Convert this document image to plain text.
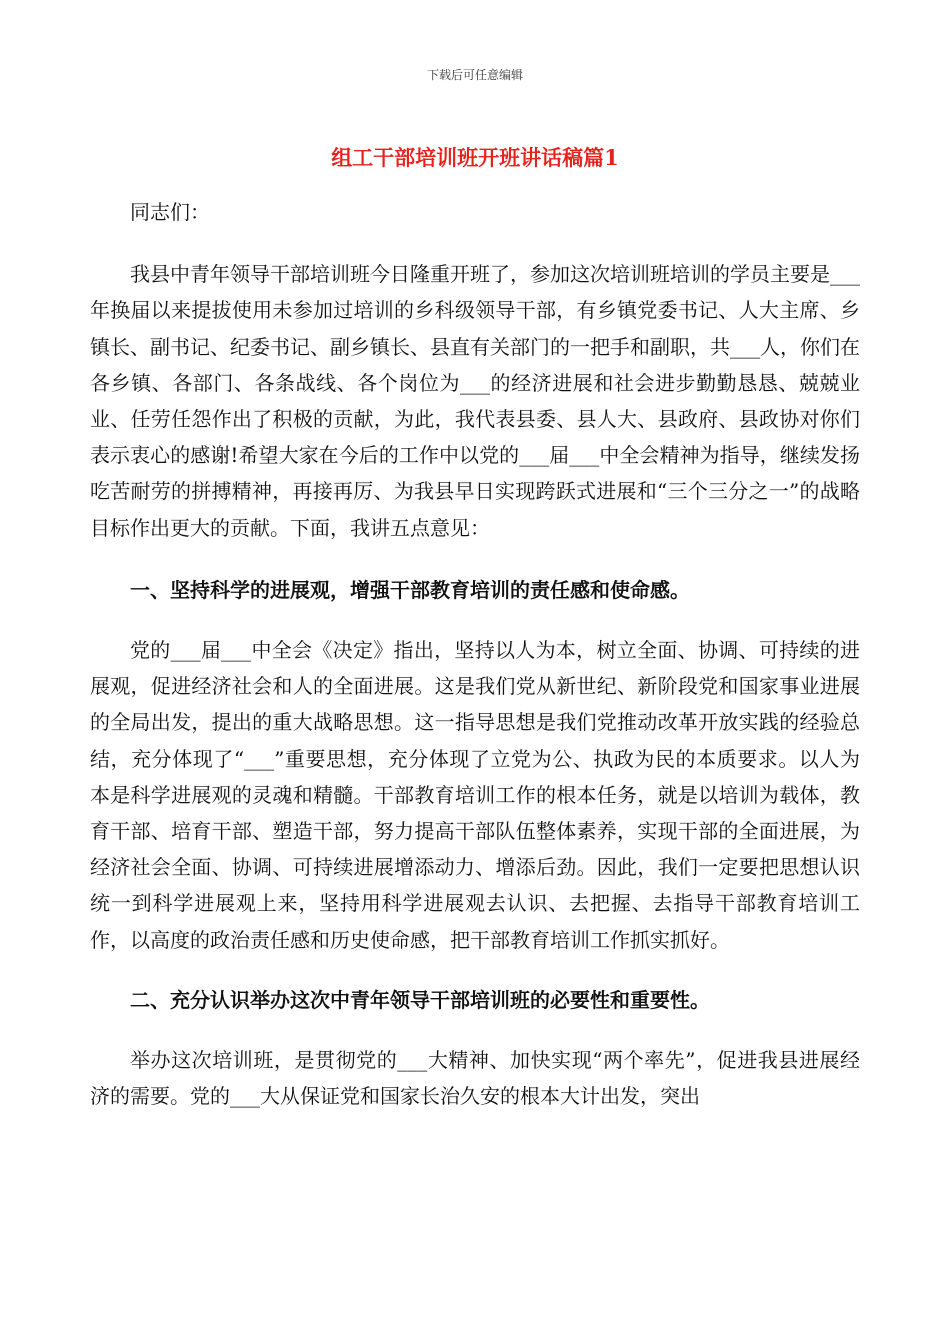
下载后可任意编辑
组工干部培训班开班讲话稿篇1

同志们：

我县中青年领导干部培训班今日隆重开班了，参加这次培训班培训的学员主要是___年换届以来提拔使用未参加过培训的乡科级领导干部，有乡镇党委书记、人大主席、乡镇长、副书记、纪委书记、副乡镇长、县直有关部门的一把手和副职，共___人，你们在各乡镇、各部门、各条战线、各个岗位为___的经济进展和社会进步勤勤恳恳、兢兢业业、任劳任怨作出了积极的贡献，为此，我代表县委、县人大、县政府、县政协对你们表示衷心的感谢!希望大家在今后的工作中以党的___届___中全会精神为指导，继续发扬吃苦耐劳的拼搏精神，再接再厉、为我县早日实现跨跃式进展和“三个三分之一”的战略目标作出更大的贡献。下面，我讲五点意见：

一、坚持科学的进展观，增强干部教育培训的责任感和使命感。

党的___届___中全会《决定》指出，坚持以人为本，树立全面、协调、可持续的进展观，促进经济社会和人的全面进展。这是我们党从新世纪、新阶段党和国家事业进展的全局出发，提出的重大战略思想。这一指导思想是我们党推动改革开放实践的经验总结，充分体现了“___”重要思想，充分体现了立党为公、执政为民的本质要求。以人为本是科学进展观的灵魂和精髓。干部教育培训工作的根本任务，就是以培训为载体，教育干部、培育干部、塑造干部，努力提高干部队伍整体素养，实现干部的全面进展，为经济社会全面、协调、可持续进展增添动力、增添后劲。因此，我们一定要把思想认识统一到科学进展观上来，坚持用科学进展观去认识、去把握、去指导干部教育培训工作，以高度的政治责任感和历史使命感，把干部教育培训工作抓实抓好。

二、充分认识举办这次中青年领导干部培训班的必要性和重要性。

举办这次培训班，是贯彻党的___大精神、加快实现“两个率先”，促进我县进展经济的需要。党的___大从保证党和国家长治久安的根本大计出发，突出
